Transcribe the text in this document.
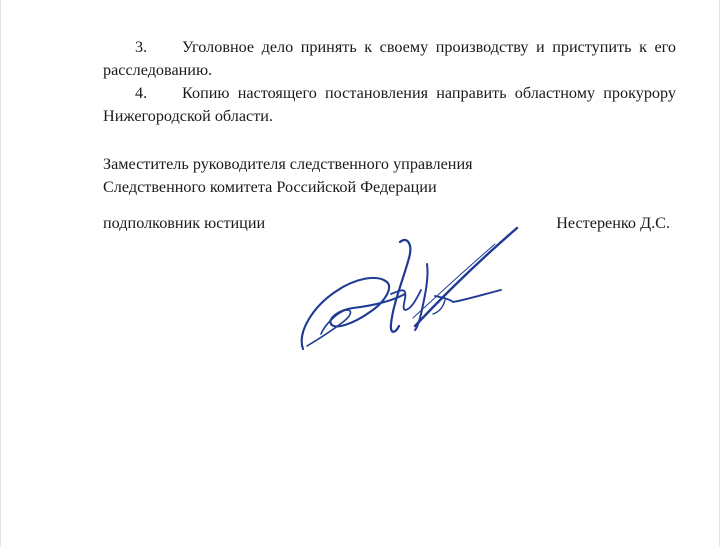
3. Уголовное дело принять к своему производству и приступить к его расследованию.

4. Копию настоящего постановления направить областному прокурору Нижегородской области.

Заместитель руководителя следственного управления
Следственного комитета Российской Федерации
подполковник юстиции	Нестеренко Д.С.
